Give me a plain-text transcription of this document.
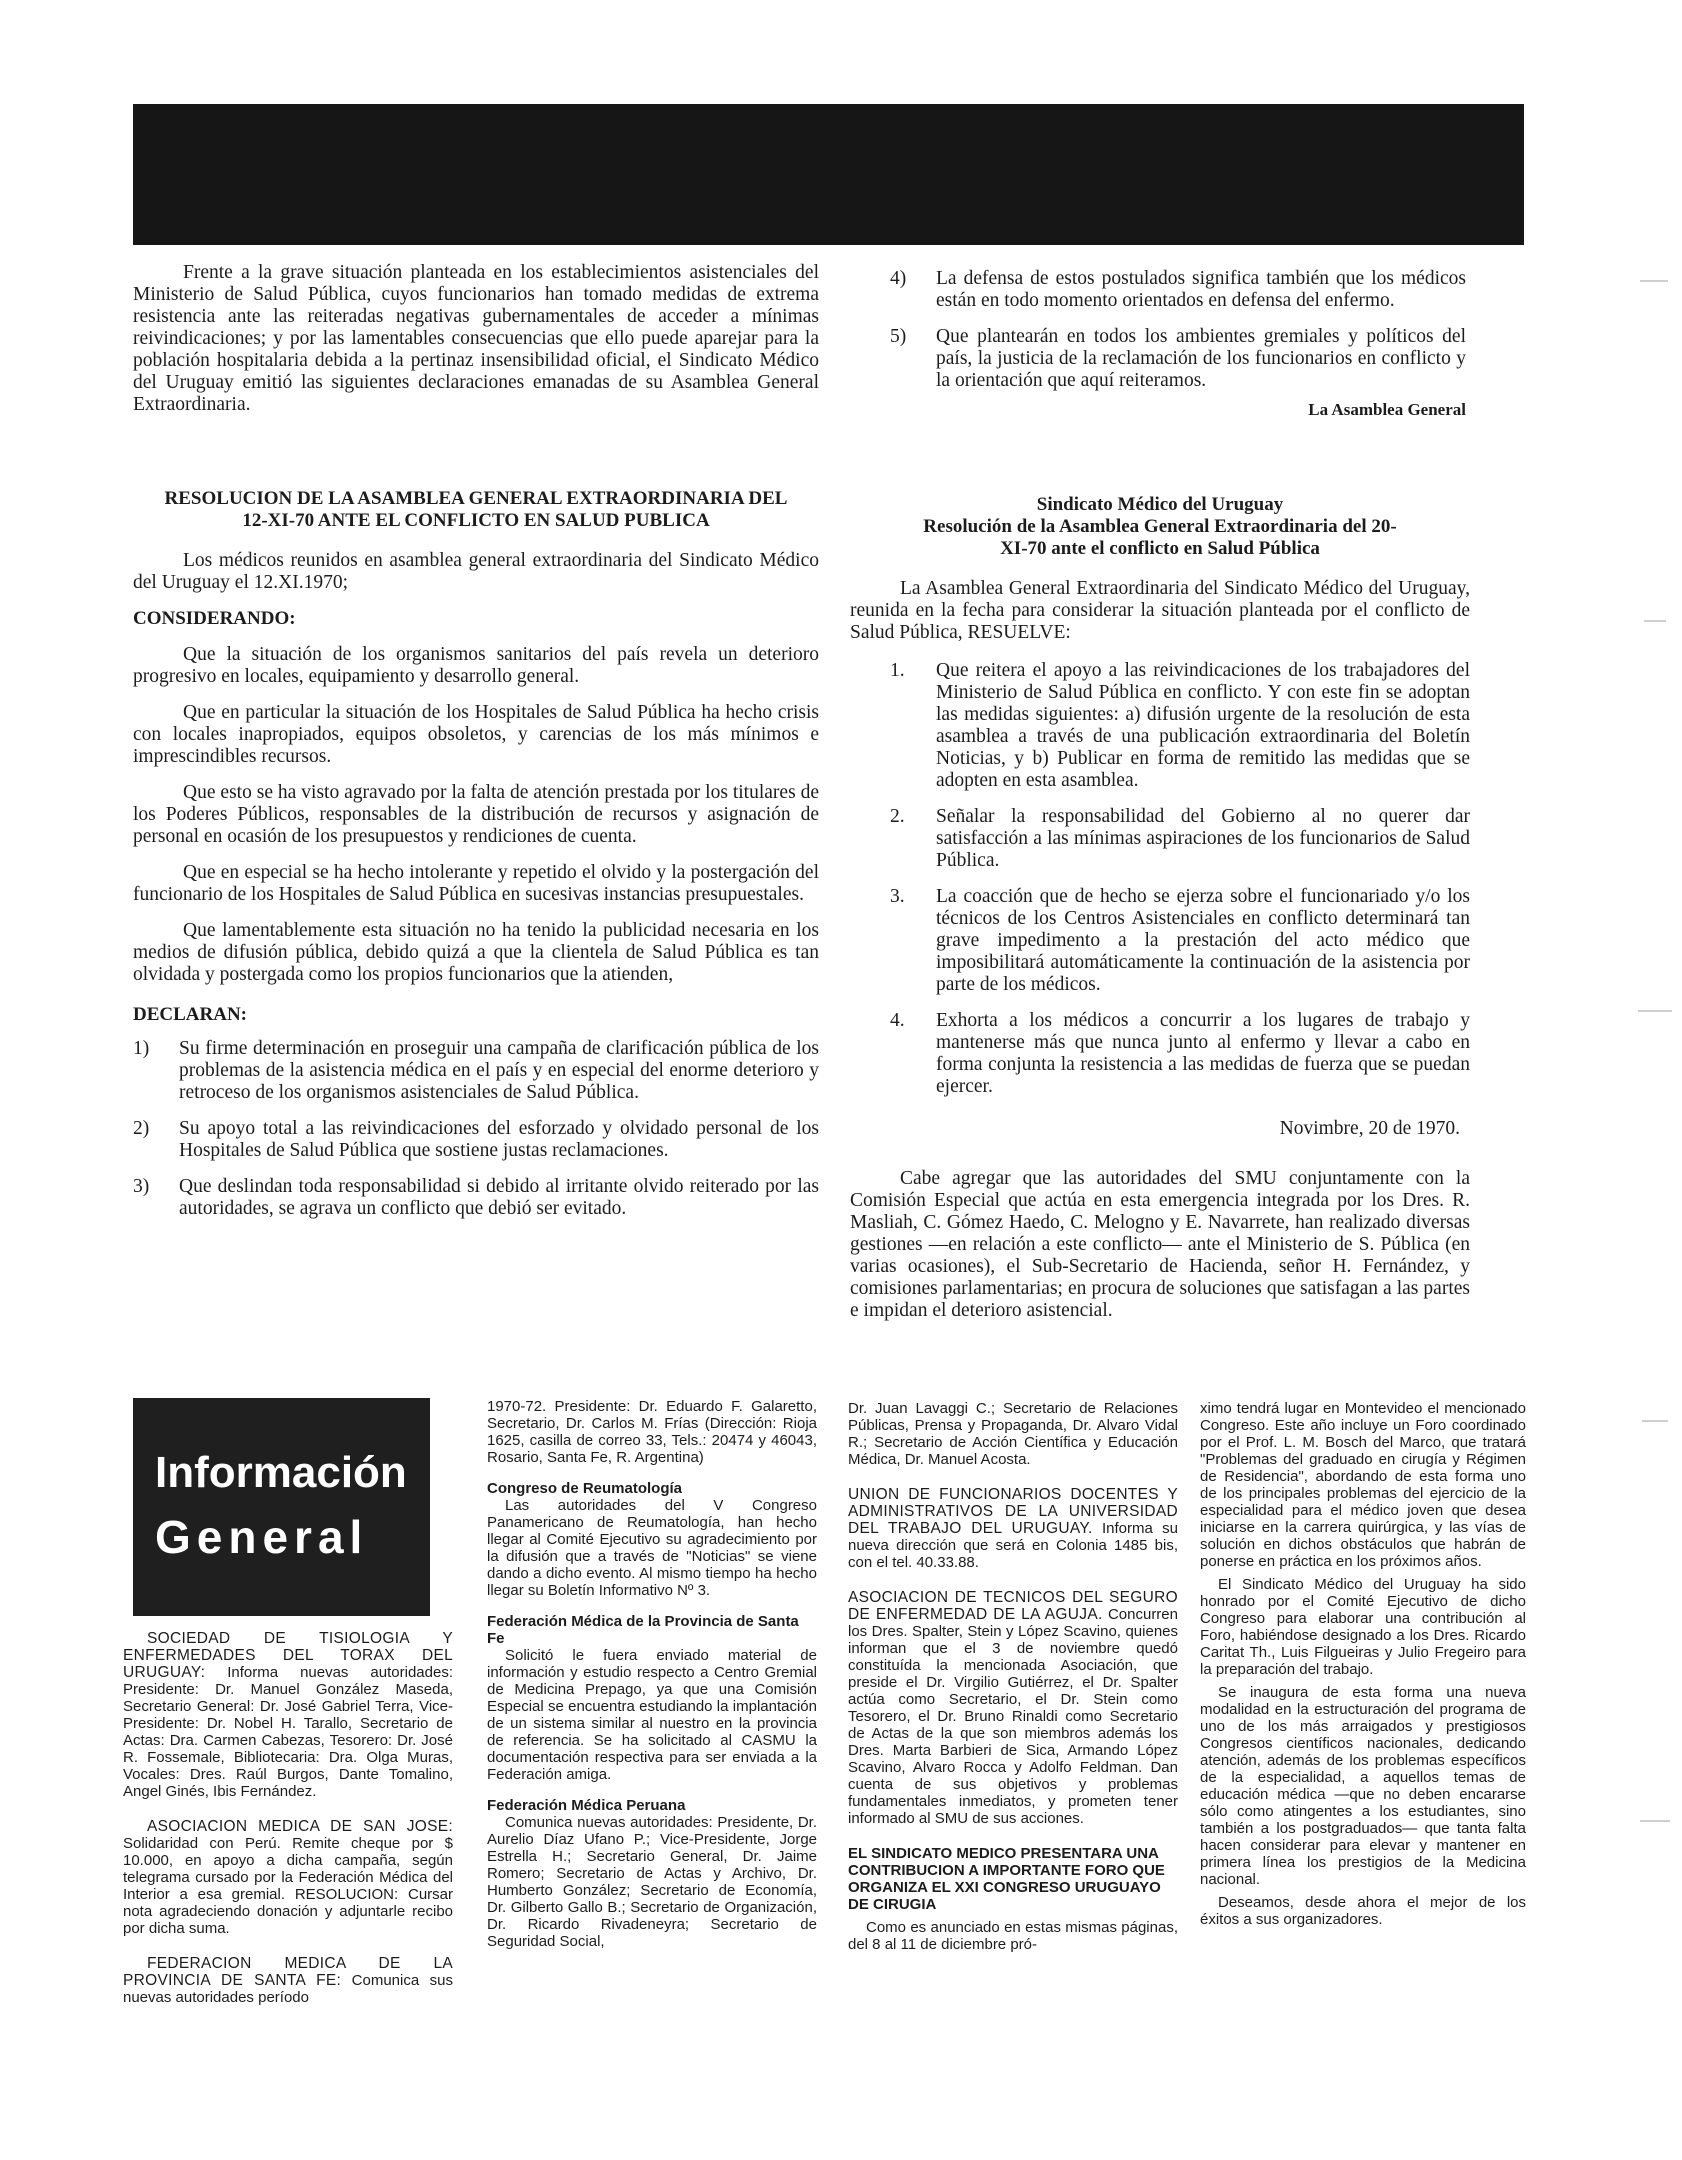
Frente a la grave situación planteada en los establecimientos asistenciales del Ministerio de Salud Pública, cuyos funcionarios han tomado medidas de extrema resistencia ante las reiteradas negativas gubernamentales de acceder a mínimas reivindicaciones; y por las lamentables consecuencias que ello puede aparejar para la población hospitalaria debida a la pertinaz insensibilidad oficial, el Sindicato Médico del Uruguay emitió las siguientes declaraciones emanadas de su Asamblea General Extraordinaria.

4)	La defensa de estos postulados significa también que los médicos están en todo momento orientados en defensa del enfermo.

5)	Que plantearán en todos los ambientes gremiales y políticos del país, la justicia de la reclamación de los funcionarios en conflicto y la orientación que aquí reiteramos.

La Asamblea General

RESOLUCION DE LA ASAMBLEA GENERAL EXTRAORDINARIA DEL 12-XI-70 ANTE EL CONFLICTO EN SALUD PUBLICA

Los médicos reunidos en asamblea general extraordinaria del Sindicato Médico del Uruguay el 12.XI.1970;

CONSIDERANDO:

Que la situación de los organismos sanitarios del país revela un deterioro progresivo en locales, equipamiento y desarrollo general.

Que en particular la situación de los Hospitales de Salud Pública ha hecho crisis con locales inapropiados, equipos obsoletos, y carencias de los más mínimos e imprescindibles recursos.

Que esto se ha visto agravado por la falta de atención prestada por los titulares de los Poderes Públicos, responsables de la distribución de recursos y asignación de personal en ocasión de los presupuestos y rendiciones de cuenta.

Que en especial se ha hecho intolerante y repetido el olvido y la postergación del funcionario de los Hospitales de Salud Pública en sucesivas instancias presupuestales.

Que lamentablemente esta situación no ha tenido la publicidad necesaria en los medios de difusión pública, debido quizá a que la clientela de Salud Pública es tan olvidada y postergada como los propios funcionarios que la atienden,

DECLARAN:

1)	Su firme determinación en proseguir una campaña de clarificación pública de los problemas de la asistencia médica en el país y en especial del enorme deterioro y retroceso de los organismos asistenciales de Salud Pública.

2)	Su apoyo total a las reivindicaciones del esforzado y olvidado personal de los Hospitales de Salud Pública que sostiene justas reclamaciones.

3)	Que deslindan toda responsabilidad si debido al irritante olvido reiterado por las autoridades, se agrava un conflicto que debió ser evitado.

Sindicato Médico del Uruguay

Resolución de la Asamblea General Extraordinaria del 20-XI-70 ante el conflicto en Salud Pública

La Asamblea General Extraordinaria del Sindicato Médico del Uruguay, reunida en la fecha para considerar la situación planteada por el conflicto de Salud Pública, RESUELVE:

1.	Que reitera el apoyo a las reivindicaciones de los trabajadores del Ministerio de Salud Pública en conflicto. Y con este fin se adoptan las medidas siguientes: a) difusión urgente de la resolución de esta asamblea a través de una publicación extraordinaria del Boletín Noticias, y b) Publicar en forma de remitido las medidas que se adopten en esta asamblea.

2.	Señalar la responsabilidad del Gobierno al no querer dar satisfacción a las mínimas aspiraciones de los funcionarios de Salud Pública.

3.	La coacción que de hecho se ejerza sobre el funcionariado y/o los técnicos de los Centros Asistenciales en conflicto determinará tan grave impedimento a la prestación del acto médico que imposibilitará automáticamente la continuación de la asistencia por parte de los médicos.

4.	Exhorta a los médicos a concurrir a los lugares de trabajo y mantenerse más que nunca junto al enfermo y llevar a cabo en forma conjunta la resistencia a las medidas de fuerza que se puedan ejercer.

Novimbre, 20 de 1970.

Cabe agregar que las autoridades del SMU conjuntamente con la Comisión Especial que actúa en esta emergencia integrada por los Dres. R. Masliah, C. Gómez Haedo, C. Melogno y E. Navarrete, han realizado diversas gestiones —en relación a este conflicto— ante el Ministerio de S. Pública (en varias ocasiones), el Sub-Secretario de Hacienda, señor H. Fernández, y comisiones parlamentarias; en procura de soluciones que satisfagan a las partes e impidan el deterioro asistencial.

Información
General

SOCIEDAD DE TISIOLOGIA Y ENFERMEDADES DEL TORAX DEL URUGUAY: Informa nuevas autoridades: Presidente: Dr. Manuel González Maseda, Secretario General: Dr. José Gabriel Terra, Vice-Presidente: Dr. Nobel H. Tarallo, Secretario de Actas: Dra. Carmen Cabezas, Tesorero: Dr. José R. Fossemale, Bibliotecaria: Dra. Olga Muras, Vocales: Dres. Raúl Burgos, Dante Tomalino, Angel Ginés, Ibis Fernández.

ASOCIACION MEDICA DE SAN JOSE: Solidaridad con Perú. Remite cheque por $ 10.000, en apoyo a dicha campaña, según telegrama cursado por la Federación Médica del Interior a esa gremial. RESOLUCION: Cursar nota agradeciendo donación y adjuntarle recibo por dicha suma.

FEDERACION MEDICA DE LA PROVINCIA DE SANTA FE: Comunica sus nuevas autoridades período

1970-72. Presidente: Dr. Eduardo F. Galaretto, Secretario, Dr. Carlos M. Frías (Dirección: Rioja 1625, casilla de correo 33, Tels.: 20474 y 46043, Rosario, Santa Fe, R. Argentina)

Congreso de Reumatología

Las autoridades del V Congreso Panamericano de Reumatología, han hecho llegar al Comité Ejecutivo su agradecimiento por la difusión que a través de "Noticias" se viene dando a dicho evento. Al mismo tiempo ha hecho llegar su Boletín Informativo Nº 3.

Federación Médica de la Provincia de Santa Fe

Solicitó le fuera enviado material de información y estudio respecto a Centro Gremial de Medicina Prepago, ya que una Comisión Especial se encuentra estudiando la implantación de un sistema similar al nuestro en la provincia de referencia. Se ha solicitado al CASMU la documentación respectiva para ser enviada a la Federación amiga.

Federación Médica Peruana

Comunica nuevas autoridades: Presidente, Dr. Aurelio Díaz Ufano P.; Vice-Presidente, Jorge Estrella H.; Secretario General, Dr. Jaime Romero; Secretario de Actas y Archivo, Dr. Humberto González; Secretario de Economía, Dr. Gilberto Gallo B.; Secretario de Organización, Dr. Ricardo Rivadeneyra; Secretario de Seguridad Social,

Dr. Juan Lavaggi C.; Secretario de Relaciones Públicas, Prensa y Propaganda, Dr. Alvaro Vidal R.; Secretario de Acción Científica y Educación Médica, Dr. Manuel Acosta.

UNION DE FUNCIONARIOS DOCENTES Y ADMINISTRATIVOS DE LA UNIVERSIDAD DEL TRABAJO DEL URUGUAY. Informa su nueva dirección que será en Colonia 1485 bis, con el tel. 40.33.88.

ASOCIACION DE TECNICOS DEL SEGURO DE ENFERMEDAD DE LA AGUJA. Concurren los Dres. Spalter, Stein y López Scavino, quienes informan que el 3 de noviembre quedó constituída la mencionada Asociación, que preside el Dr. Virgilio Gutiérrez, el Dr. Spalter actúa como Secretario, el Dr. Stein como Tesorero, el Dr. Bruno Rinaldi como Secretario de Actas de la que son miembros además los Dres. Marta Barbieri de Sica, Armando López Scavino, Alvaro Rocca y Adolfo Feldman. Dan cuenta de sus objetivos y problemas fundamentales inmediatos, y prometen tener informado al SMU de sus acciones.

EL SINDICATO MEDICO PRESENTARA UNA CONTRIBUCION A IMPORTANTE FORO QUE ORGANIZA EL XXI CONGRESO URUGUAYO DE CIRUGIA

Como es anunciado en estas mismas páginas, del 8 al 11 de diciembre pró-

ximo tendrá lugar en Montevideo el mencionado Congreso. Este año incluye un Foro coordinado por el Prof. L. M. Bosch del Marco, que tratará "Problemas del graduado en cirugía y Régimen de Residencia", abordando de esta forma uno de los principales problemas del ejercicio de la especialidad para el médico joven que desea iniciarse en la carrera quirúrgica, y las vías de solución en dichos obstáculos que habrán de ponerse en práctica en los próximos años.

El Sindicato Médico del Uruguay ha sido honrado por el Comité Ejecutivo de dicho Congreso para elaborar una contribución al Foro, habiéndose designado a los Dres. Ricardo Caritat Th., Luis Filgueiras y Julio Fregeiro para la preparación del trabajo.

Se inaugura de esta forma una nueva modalidad en la estructuración del programa de uno de los más arraigados y prestigiosos Congresos científicos nacionales, dedicando atención, además de los problemas específicos de la especialidad, a aquellos temas de educación médica —que no deben encararse sólo como atingentes a los estudiantes, sino también a los postgraduados— que tanta falta hacen considerar para elevar y mantener en primera línea los prestigios de la Medicina nacional.

Deseamos, desde ahora el mejor de los éxitos a sus organizadores.
